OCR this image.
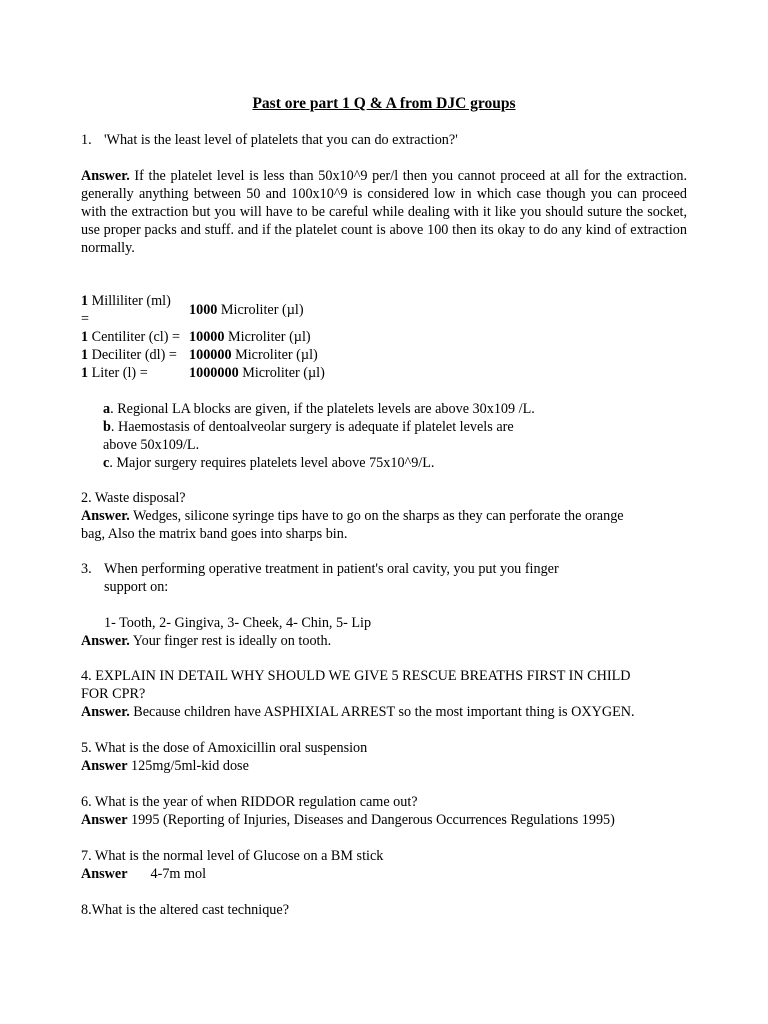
Past ore part 1 Q & A from DJC groups
1. 'What is the least level of platelets that you can do extraction?'
Answer. If the platelet level is less than 50x10^9 per/l then you cannot proceed at all for the extraction. generally anything between 50 and 100x10^9 is considered low in which case though you can proceed with the extraction but you will have to be careful while dealing with it like you should suture the socket, use proper packs and stuff. and if the platelet count is above 100 then its okay to do any kind of extraction normally.
1 Milliliter (ml)
=
1000 Microliter (µl)
1 Centiliter (cl) = 10000 Microliter (µl)
1 Deciliter (dl) = 100000 Microliter (µl)
1 Liter (l) =	1000000 Microliter (µl)
a. Regional LA blocks are given, if the platelets levels are above 30x109 /L.
b. Haemostasis of dentoalveolar surgery is adequate if platelet levels are
above 50x109/L.
c. Major surgery requires platelets level above 75x10^9/L.
2. Waste disposal?
Answer. Wedges, silicone syringe tips have to go on the sharps as they can perforate the orange
bag, Also the matrix band goes into sharps bin.
3. When performing operative treatment in patient's oral cavity, you put you finger
support on:
1- Tooth, 2- Gingiva, 3- Cheek, 4- Chin, 5- Lip
Answer. Your finger rest is ideally on tooth.
4. EXPLAIN IN DETAIL WHY SHOULD WE GIVE 5 RESCUE BREATHS FIRST IN CHILD
FOR CPR?
Answer. Because children have ASPHIXIAL ARREST so the most important thing is OXYGEN.
5. What is the dose of Amoxicillin oral suspension
Answer 125mg/5ml-kid dose
6. What is the year of when RIDDOR regulation came out?
Answer 1995 (Reporting of Injuries, Diseases and Dangerous Occurrences Regulations 1995)
7. What is the normal level of Glucose on a BM stick
Answer 4-7m mol
8.What is the altered cast technique?
